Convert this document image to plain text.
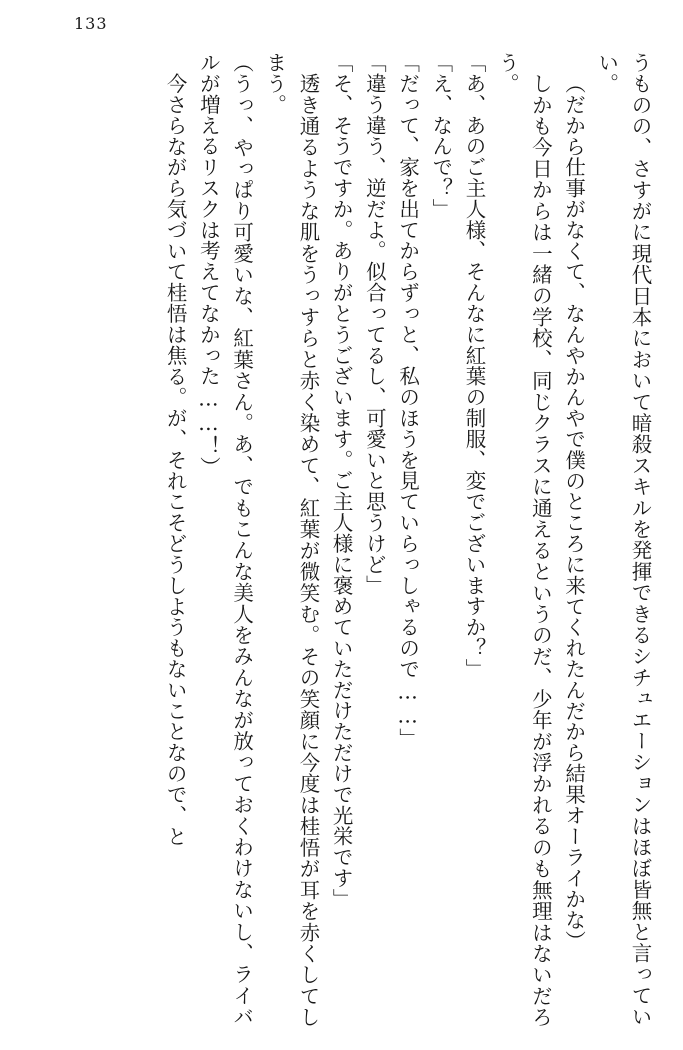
133

うものの、さすがに現代日本において暗殺スキルを発揮できるシチュエーションはほぼ皆無と言っていい。

（だから仕事がなくて、なんやかんやで僕のところに来てくれたんだから結果オーライかな）

しかも今日からは一緒の学校、同じクラスに通えるというのだ、少年が浮かれるのも無理はないだろう。

「あ、あのご主人様、そんなに紅葉の制服、変でございますか？」

「え、なんで？」

「だって、家を出てからずっと、私のほうを見ていらっしゃるので……」

「違う違う、逆だよ。似合ってるし、可愛いと思うけど」

「そ、そうですか。ありがとうございます。ご主人様に褒めていただけただけで光栄です」

透き通るような肌をうっすらと赤く染めて、紅葉が微笑む。その笑顔に今度は桂悟が耳を赤くしてしまう。

（うっ、やっぱり可愛いな、紅葉さん。あ、でもこんな美人をみんなが放っておくわけないし、ライバルが増えるリスクは考えてなかった……！）

今さらながら気づいて桂悟は焦る。が、それこそどうしようもないことなので、と
